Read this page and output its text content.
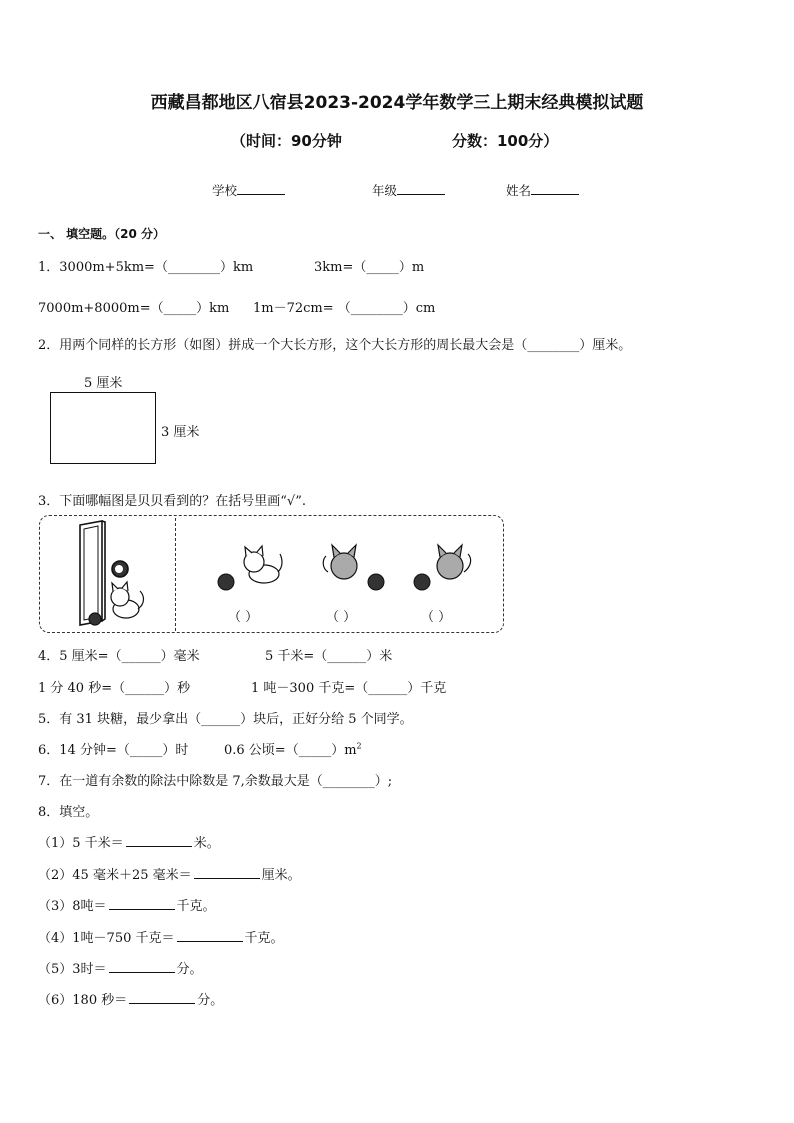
西藏昌都地区八宿县2023-2024学年数学三上期末经典模拟试题
（时间：90分钟	分数：100分）
学校	年级	姓名
一、 填空题。（20 分）
1．3000m+5km=（________）km	3km=（_____）m
7000m+8000m=（_____）km 1m－72cm= （________）cm
2．用两个同样的长方形（如图）拼成一个大长方形，这个大长方形的周长最大会是（________）厘米。
5 厘米
3 厘米
3．下面哪幅图是贝贝看到的？在括号里画“√”.
（ ）	（ ）	（ ）
4．5 厘米=（______）毫米	5 千米=（______）米
1 分 40 秒=（______）秒	1 吨－300 千克=（______）千克
5．有 31 块糖，最少拿出（______）块后，正好分给 5 个同学。
6．14 分钟=（_____）时	0.6 公顷$=(\_\_\_\_\_)m^2$
7．在一道有余数的除法中除数是 7,余数最大是（________）;
8．填空。
（1）5 千米＝	米。
（2）45 毫米＋25 毫米＝	厘米。
（3）8吨＝	千克。
（4）1吨－750 千克＝	千克。
（5）3时＝	分。
（6）180 秒＝	分。
